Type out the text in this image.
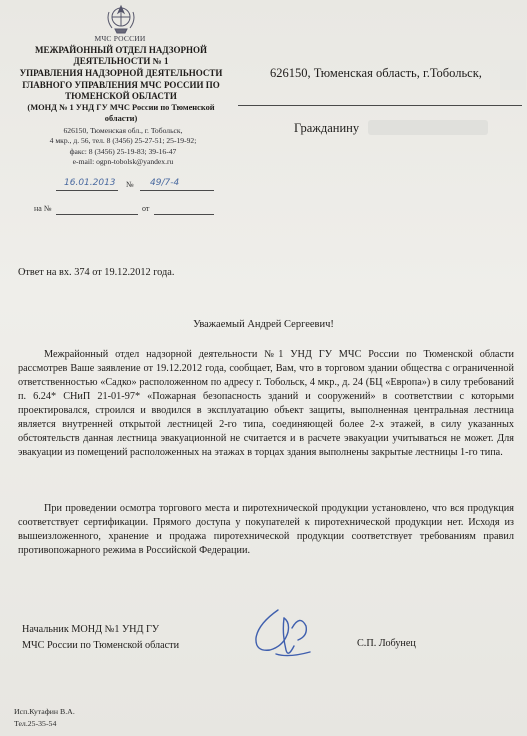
МЧС РОССИИ
МЕЖРАЙОННЫЙ ОТДЕЛ НАДЗОРНОЙ
ДЕЯТЕЛЬНОСТИ № 1
УПРАВЛЕНИЯ НАДЗОРНОЙ ДЕЯТЕЛЬНОСТИ
ГЛАВНОГО УПРАВЛЕНИЯ МЧС РОССИИ ПО
ТЮМЕНСКОЙ ОБЛАСТИ
(МОНД № 1 УНД ГУ МЧС России по Тюменской
области)
626150, Тюменская обл., г. Тобольск,
4 мкр., д. 56, тел. 8 (3456) 25-27-51; 25-19-92;
факс: 8 (3456) 25-19-83; 39-16-47
e-mail: ogpn-tobolsk@yandex.ru
16.01.2013 № 49/7-4
на №	от
626150, Тюменская область, г.Тобольск,
Гражданину
Ответ на вх. 374 от 19.12.2012 года.
Уважаемый Андрей Сергеевич!
Межрайонный отдел надзорной деятельности №1 УНД ГУ МЧС России по Тюменской области рассмотрев Ваше заявление от 19.12.2012 года, сообщает, Вам, что в торговом здании общества с ограниченной ответственностью «Садко» расположенном по адресу г. Тобольск, 4 мкр., д. 24 (БЦ «Европа») в силу требований п. 6.24* СНиП 21-01-97* «Пожарная безопасность зданий и сооружений» в соответствии с которыми проектировался, строился и вводился в эксплуатацию объект защиты, выполненная центральная лестница является внутренней открытой лестницей 2-го типа, соединяющей более 2-х этажей, в силу указанных обстоятельств данная лестница эвакуационной не считается и в расчете эвакуации учитываться не может. Для эвакуации из помещений расположенных на этажах в торцах здания выполнены закрытые лестницы 1-го типа.
При проведении осмотра торгового места и пиротехнической продукции установлено, что вся продукция соответствует сертификации. Прямого доступа у покупателей к пиротехнической продукции нет. Исходя из вышеизложенного, хранение и продажа пиротехнической продукции соответствует требованиям правил противопожарного режима в Российской Федерации.
Начальник МОНД №1 УНД ГУ
МЧС России по Тюменской области	С.П. Лобунец
Исп.Кутафин В.А.
Тел.25-35-54
